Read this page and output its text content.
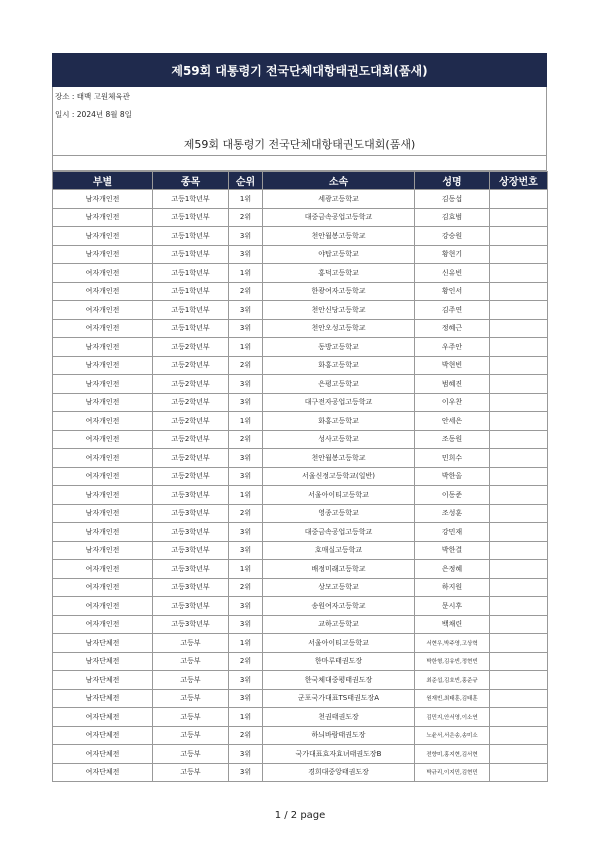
제59회 대통령기 전국단체대항태권도대회(품새)
장소 : 태백 고원체육관
일시 : 2024년 8월 8일
제59회 대통령기 전국단체대항태권도대회(품새)
부별	종목	순위	소속	성명	상장번호
남자개인전	고등1학년부	1위	세광고등학교	김동섭	
남자개인전	고등1학년부	2위	대중금속공업고등학교	김효범	
남자개인전	고등1학년부	3위	천안월봉고등학교	강승원	
남자개인전	고등1학년부	3위	야탑고등학교	황현기	
여자개인전	고등1학년부	1위	홍덕고등학교	신유빈	
여자개인전	고등1학년부	2위	한광여자고등학교	황인서	
여자개인전	고등1학년부	3위	천안신당고등학교	김주연	
여자개인전	고등1학년부	3위	천안오성고등학교	정혜근	
남자개인전	고등2학년부	1위	동방고등학교	우주안	
남자개인전	고등2학년부	2위	화홍고등학교	박현빈	
남자개인전	고등2학년부	3위	은평고등학교	범혜진	
남자개인전	고등2학년부	3위	대구전자공업고등학교	이우찬	
여자개인전	고등2학년부	1위	화홍고등학교	안세은	
여자개인전	고등2학년부	2위	성사고등학교	조동원	
여자개인전	고등2학년부	3위	천안월봉고등학교	민희수	
여자개인전	고등2학년부	3위	서울신정고등학교(일반)	박한올	
남자개인전	고등3학년부	1위	서울아이티고등학교	이동준	
남자개인전	고등3학년부	2위	영종고등학교	조성훈	
남자개인전	고등3학년부	3위	대중금속공업고등학교	강민재	
남자개인전	고등3학년부	3위	호매실고등학교	박한결	
여자개인전	고등3학년부	1위	배정미래고등학교	은정혜	
여자개인전	고등3학년부	2위	상모고등학교	하지원	
여자개인전	고등3학년부	3위	송원여자고등학교	문시후	
여자개인전	고등3학년부	3위	교하고등학교	백채린	
남자단체전	고등부	1위	서울아이티고등학교	서현우,박주영,고상혁	
남자단체전	고등부	2위	한마루태권도장	박한형,김유빈,정현빈	
남자단체전	고등부	3위	한국체대중평태권도장	최준섭,김호빈,홍준규	
남자단체전	고등부	3위	군포국가대표TS태권도장A	원재빈,최태훈,김태훈	
여자단체전	고등부	1위	천권태권도장	김민지,안서영,이소연	
여자단체전	고등부	2위	하늬바람태권도장	노윤서,서은송,송미소	
여자단체전	고등부	3위	국가대표효자효녀태권도장B	전향미,홍지현,김서현	
여자단체전	고등부	3위	경희대중앙태권도장	박규리,이지민,김현민	
1 / 2 page
